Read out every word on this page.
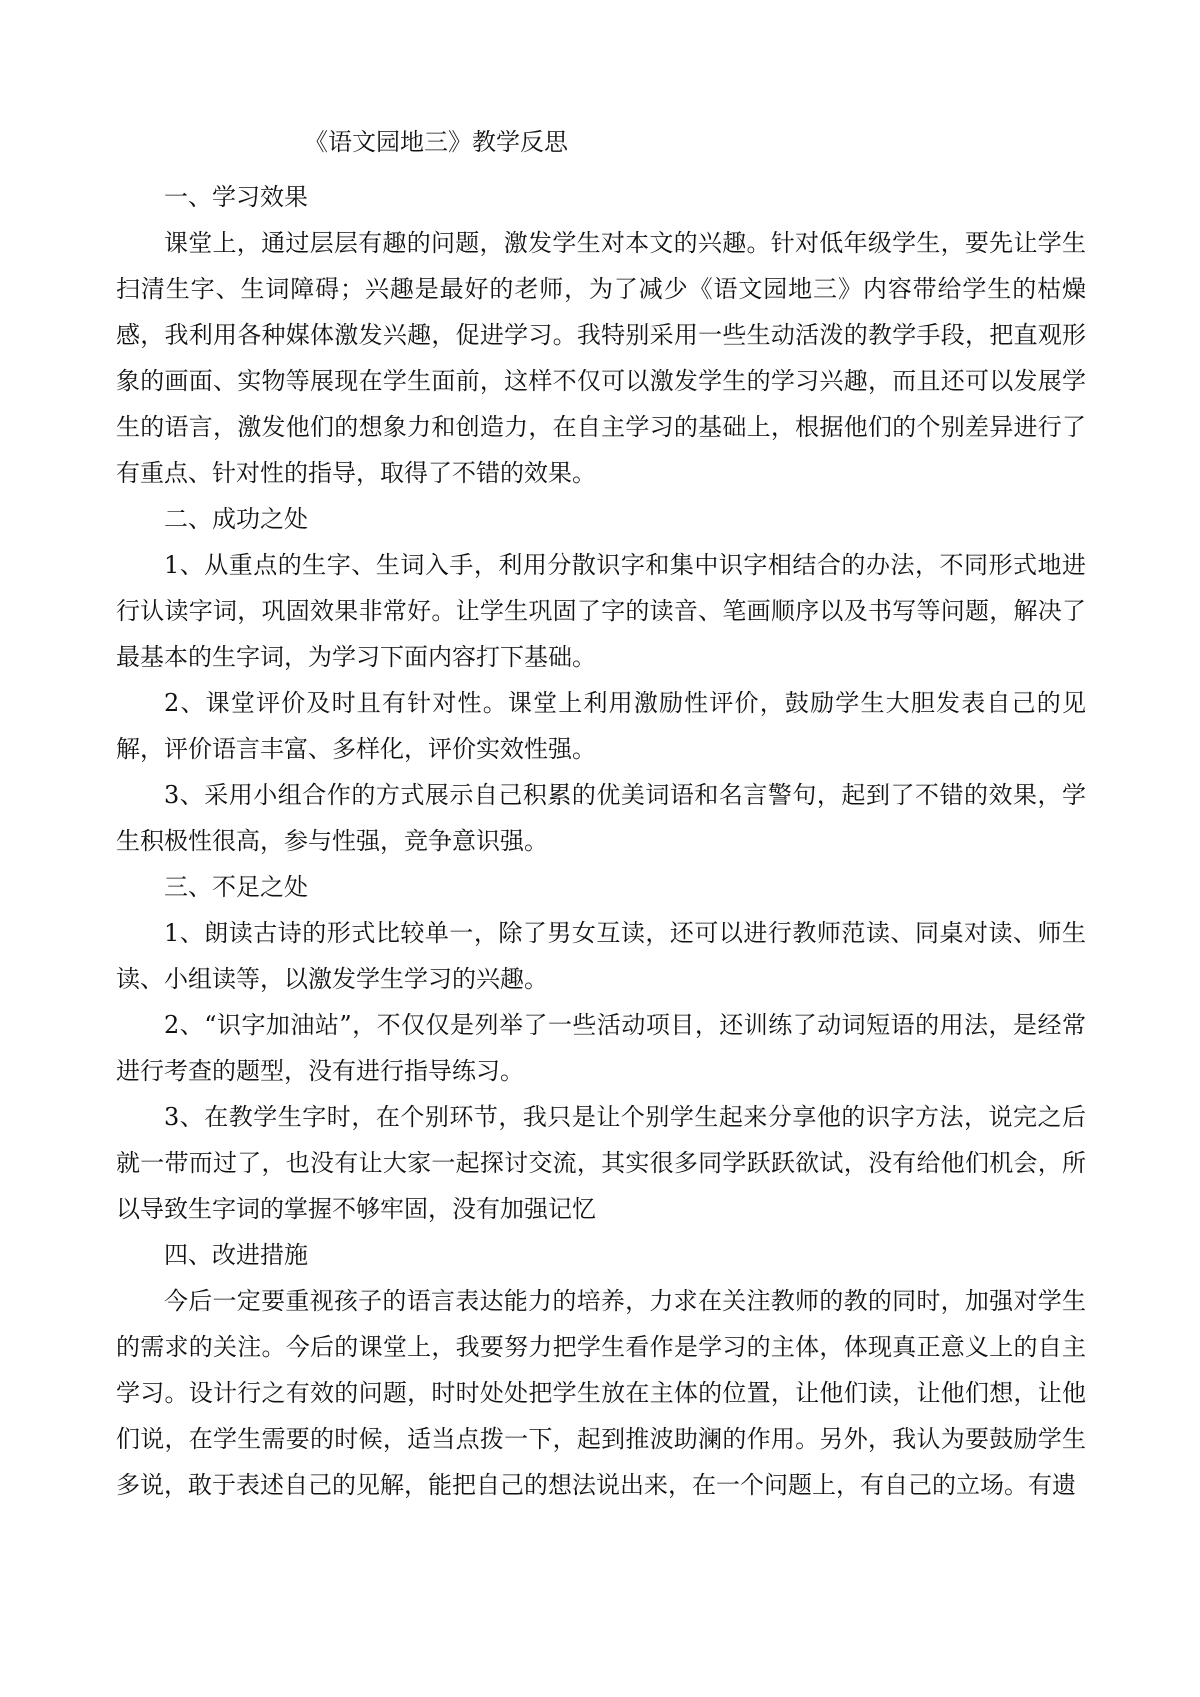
《语文园地三》教学反思

一、学习效果

课堂上，通过层层有趣的问题，激发学生对本文的兴趣。针对低年级学生，要先让学生扫清生字、生词障碍；兴趣是最好的老师，为了减少《语文园地三》内容带给学生的枯燥感，我利用各种媒体激发兴趣，促进学习。我特别采用一些生动活泼的教学手段，把直观形象的画面、实物等展现在学生面前，这样不仅可以激发学生的学习兴趣，而且还可以发展学生的语言，激发他们的想象力和创造力，在自主学习的基础上，根据他们的个别差异进行了有重点、针对性的指导，取得了不错的效果。

二、成功之处

1、从重点的生字、生词入手，利用分散识字和集中识字相结合的办法，不同形式地进行认读字词，巩固效果非常好。让学生巩固了字的读音、笔画顺序以及书写等问题，解决了最基本的生字词，为学习下面内容打下基础。

2、课堂评价及时且有针对性。课堂上利用激励性评价，鼓励学生大胆发表自己的见解，评价语言丰富、多样化，评价实效性强。

3、采用小组合作的方式展示自己积累的优美词语和名言警句，起到了不错的效果，学生积极性很高，参与性强，竞争意识强。

三、不足之处

1、朗读古诗的形式比较单一，除了男女互读，还可以进行教师范读、同桌对读、师生读、小组读等，以激发学生学习的兴趣。

2、“识字加油站”，不仅仅是列举了一些活动项目，还训练了动词短语的用法，是经常进行考查的题型，没有进行指导练习。

3、在教学生字时，在个别环节，我只是让个别学生起来分享他的识字方法，说完之后就一带而过了，也没有让大家一起探讨交流，其实很多同学跃跃欲试，没有给他们机会，所以导致生字词的掌握不够牢固，没有加强记忆

四、改进措施

今后一定要重视孩子的语言表达能力的培养，力求在关注教师的教的同时，加强对学生的需求的关注。今后的课堂上，我要努力把学生看作是学习的主体，体现真正意义上的自主学习。设计行之有效的问题，时时处处把学生放在主体的位置，让他们读，让他们想，让他们说，在学生需要的时候，适当点拨一下，起到推波助澜的作用。另外，我认为要鼓励学生多说，敢于表述自己的见解，能把自己的想法说出来，在一个问题上，有自己的立场。有遗
